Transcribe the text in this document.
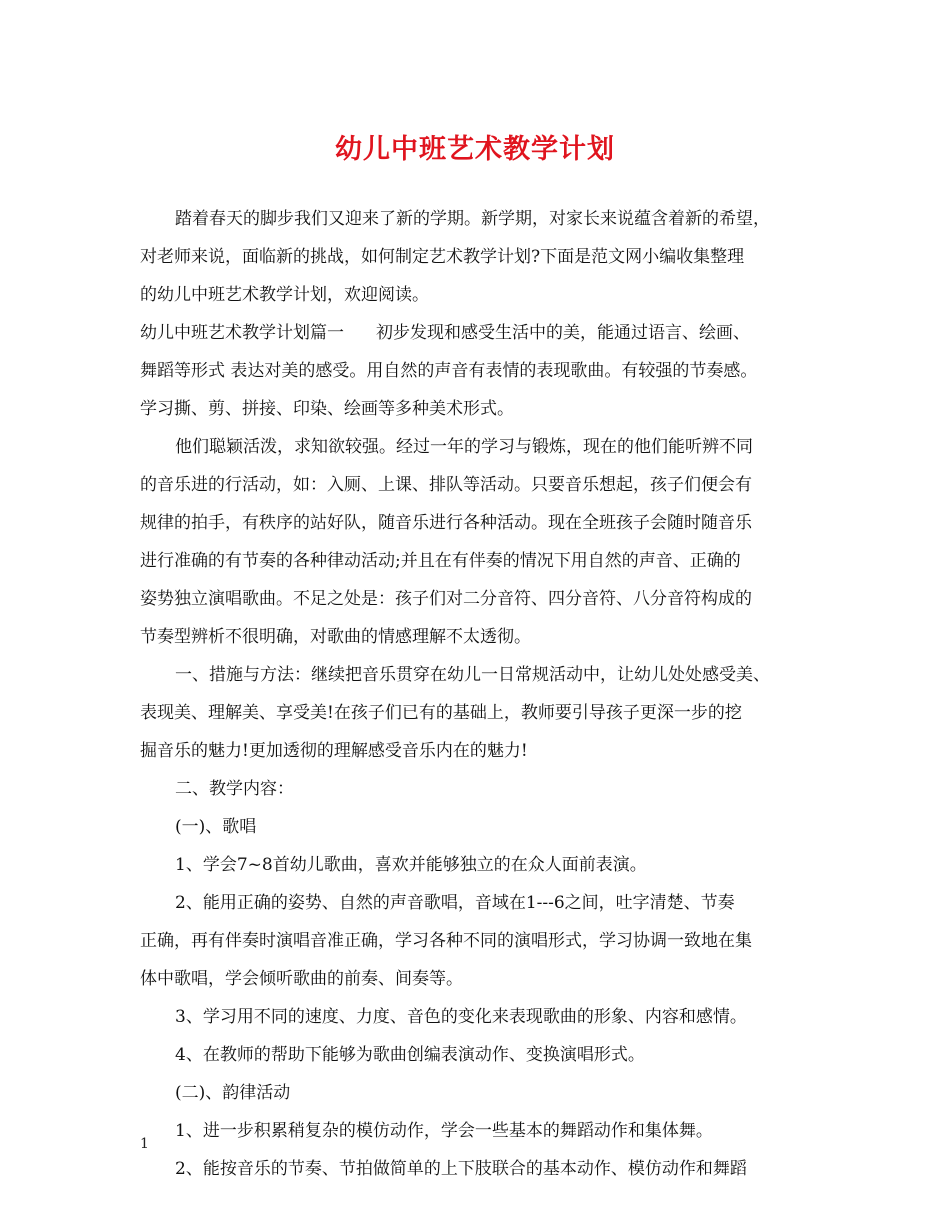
幼儿中班艺术教学计划
踏着春天的脚步我们又迎来了新的学期。新学期，对家长来说蕴含着新的希望，
对老师来说，面临新的挑战，如何制定艺术教学计划?下面是范文网小编收集整理
的幼儿中班艺术教学计划，欢迎阅读。
幼儿中班艺术教学计划篇一 初步发现和感受生活中的美，能通过语言、绘画、
舞蹈等形式 表达对美的感受。用自然的声音有表情的表现歌曲。有较强的节奏感。
学习撕、剪、拼接、印染、绘画等多种美术形式。
他们聪颖活泼，求知欲较强。经过一年的学习与锻炼，现在的他们能听辨不同
的音乐进的行活动，如：入厕、上课、排队等活动。只要音乐想起，孩子们便会有
规律的拍手，有秩序的站好队，随音乐进行各种活动。现在全班孩子会随时随音乐
进行准确的有节奏的各种律动活动;并且在有伴奏的情况下用自然的声音、正确的
姿势独立演唱歌曲。不足之处是：孩子们对二分音符、四分音符、八分音符构成的
节奏型辨析不很明确，对歌曲的情感理解不太透彻。
一、措施与方法：继续把音乐贯穿在幼儿一日常规活动中，让幼儿处处感受美、
表现美、理解美、享受美!在孩子们已有的基础上，教师要引导孩子更深一步的挖
掘音乐的魅力!更加透彻的理解感受音乐内在的魅力!
二、教学内容：
(一)、歌唱
1、学会7~8首幼儿歌曲，喜欢并能够独立的在众人面前表演。
2、能用正确的姿势、自然的声音歌唱，音域在1---6之间，吐字清楚、节奏
正确，再有伴奏时演唱音准正确，学习各种不同的演唱形式，学习协调一致地在集
体中歌唱，学会倾听歌曲的前奏、间奏等。
3、学习用不同的速度、力度、音色的变化来表现歌曲的形象、内容和感情。
4、在教师的帮助下能够为歌曲创编表演动作、变换演唱形式。
(二)、韵律活动
1、进一步积累稍复杂的模仿动作，学会一些基本的舞蹈动作和集体舞。
2、能按音乐的节奏、节拍做简单的上下肢联合的基本动作、模仿动作和舞蹈
1
